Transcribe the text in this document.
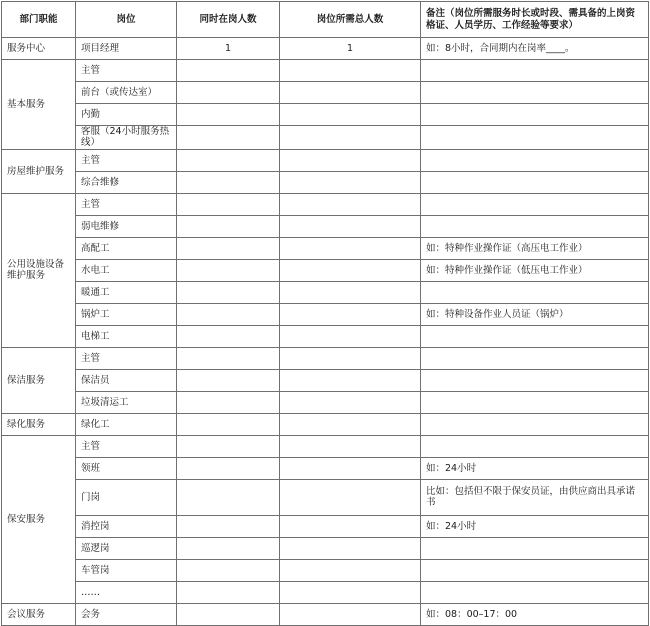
部门职能	岗位	同时在岗人数	岗位所需总人数	备注（岗位所需服务时长或时段、需具备的上岗资格证、人员学历、工作经验等要求）
服务中心	项目经理	1	1	如：8小时，合同期内在岗率____。
基本服务	主管			
	前台（或传达室）			
	内勤			
	客服（24小时服务热线）			
房屋维护服务	主管			
	综合维修			
公用设施设备维护服务	主管			
	弱电维修			
	高配工			如：特种作业操作证（高压电工作业）
	水电工			如：特种作业操作证（低压电工作业）
	暖通工			
	锅炉工			如：特种设备作业人员证（锅炉）
	电梯工			
保洁服务	主管			
	保洁员			
	垃圾清运工			
绿化服务	绿化工			
保安服务	主管			
	领班			如：24小时
	门岗			比如：包括但不限于保安员证，由供应商出具承诺书
	消控岗			如：24小时
	巡逻岗			
	车管岗			
	……			
会议服务	会务			如：08：00–17：00
